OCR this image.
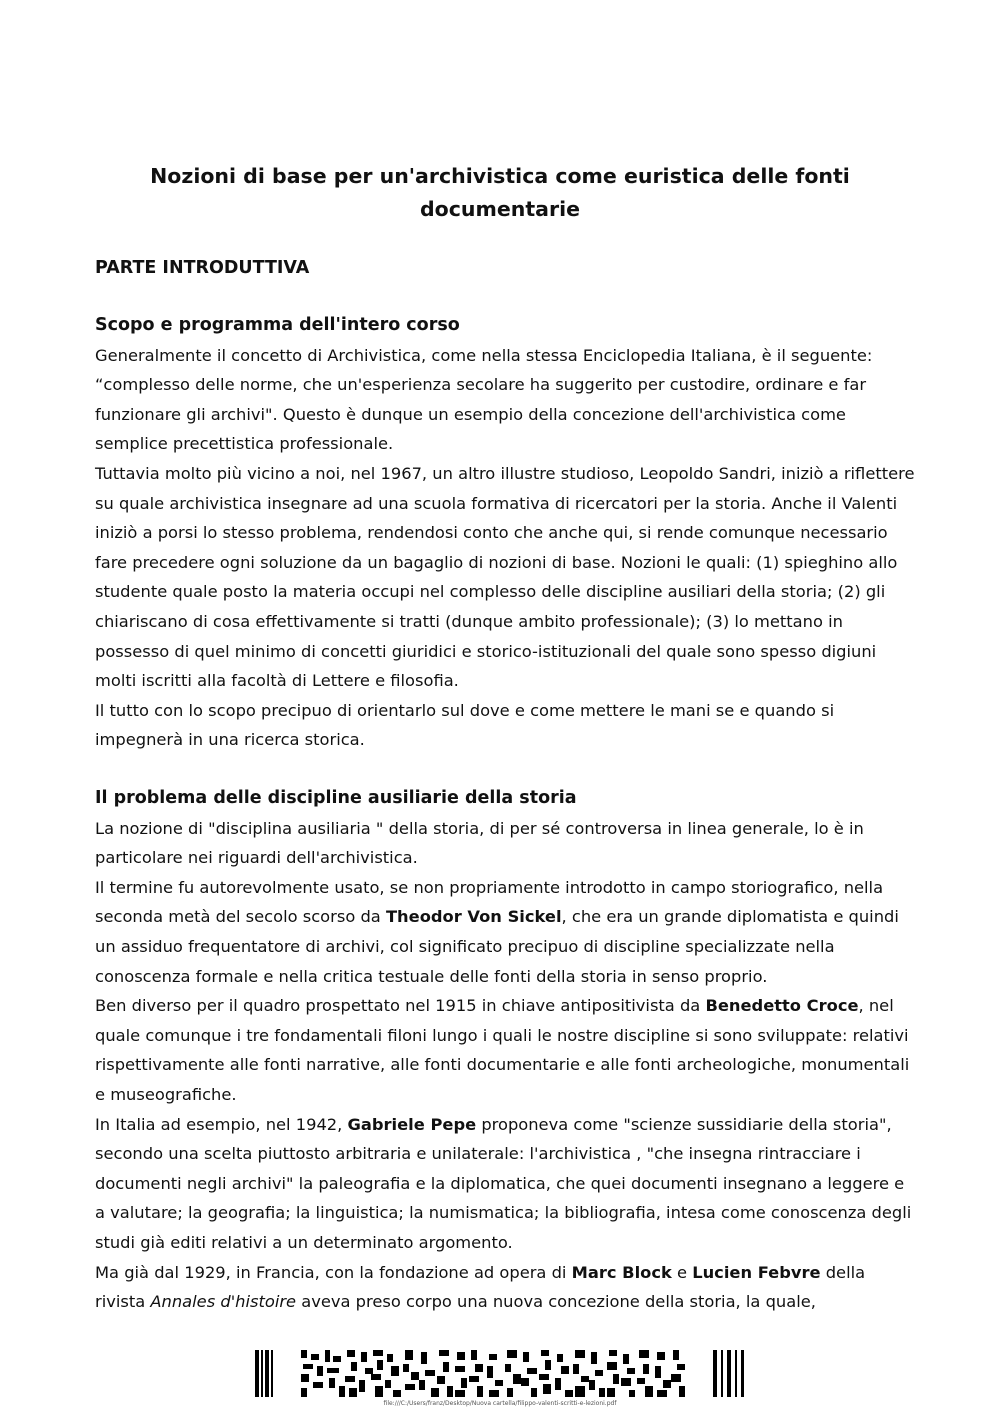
Nozioni di base per un'archivistica come euristica delle fonti documentarie
PARTE INTRODUTTIVA
Scopo e programma dell'intero corso

Generalmente il concetto di Archivistica, come nella stessa Enciclopedia Italiana, è il seguente: “complesso delle norme, che un'esperienza secolare ha suggerito per custodire, ordinare e far funzionare gli archivi". Questo è dunque un esempio della concezione dell'archivistica come semplice precettistica professionale.

Tuttavia molto più vicino a noi, nel 1967, un altro illustre studioso, Leopoldo Sandri, iniziò a riflettere su quale archivistica insegnare ad una scuola formativa di ricercatori per la storia. Anche il Valenti iniziò a porsi lo stesso problema, rendendosi conto che anche qui, si rende comunque necessario fare precedere ogni soluzione da un bagaglio di nozioni di base. Nozioni le quali: (1) spieghino allo studente quale posto la materia occupi nel complesso delle discipline ausiliari della storia; (2) gli chiariscano di cosa effettivamente si tratti (dunque ambito professionale); (3) lo mettano in possesso di quel minimo di concetti giuridici e storico-istituzionali del quale sono spesso digiuni molti iscritti alla facoltà di Lettere e filosofia.

Il tutto con lo scopo precipuo di orientarlo sul dove e come mettere le mani se e quando si impegnerà in una ricerca storica.

Il problema delle discipline ausiliarie della storia

La nozione di "disciplina ausiliaria " della storia, di per sé controversa in linea generale, lo è in particolare nei riguardi dell'archivistica.

Il termine fu autorevolmente usato, se non propriamente introdotto in campo storiografico, nella seconda metà del secolo scorso da Theodor Von Sickel, che era un grande diplomatista e quindi un assiduo frequentatore di archivi, col significato precipuo di discipline specializzate nella conoscenza formale e nella critica testuale delle fonti della storia in senso proprio.

Ben diverso per il quadro prospettato nel 1915 in chiave antipositivista da Benedetto Croce, nel quale comunque i tre fondamentali filoni lungo i quali le nostre discipline si sono sviluppate: relativi rispettivamente alle fonti narrative, alle fonti documentarie e alle fonti archeologiche, monumentali e museografiche.

In Italia ad esempio, nel 1942, Gabriele Pepe proponeva come "scienze sussidiarie della storia", secondo una scelta piuttosto arbitraria e unilaterale: l'archivistica , "che insegna rintracciare i documenti negli archivi" la paleografia e la diplomatica, che quei documenti insegnano a leggere e a valutare; la geografia; la linguistica; la numismatica; la bibliografia, intesa come conoscenza degli studi già editi relativi a un determinato argomento.

Ma già dal 1929, in Francia, con la fondazione ad opera di Marc Block e Lucien Febvre della rivista Annales d'histoire aveva preso corpo una nuova concezione della storia, la quale,

file:///C:/Users/franz/Desktop/Nuova cartella/filippo-valenti-scritti-e-lezioni.pdf
